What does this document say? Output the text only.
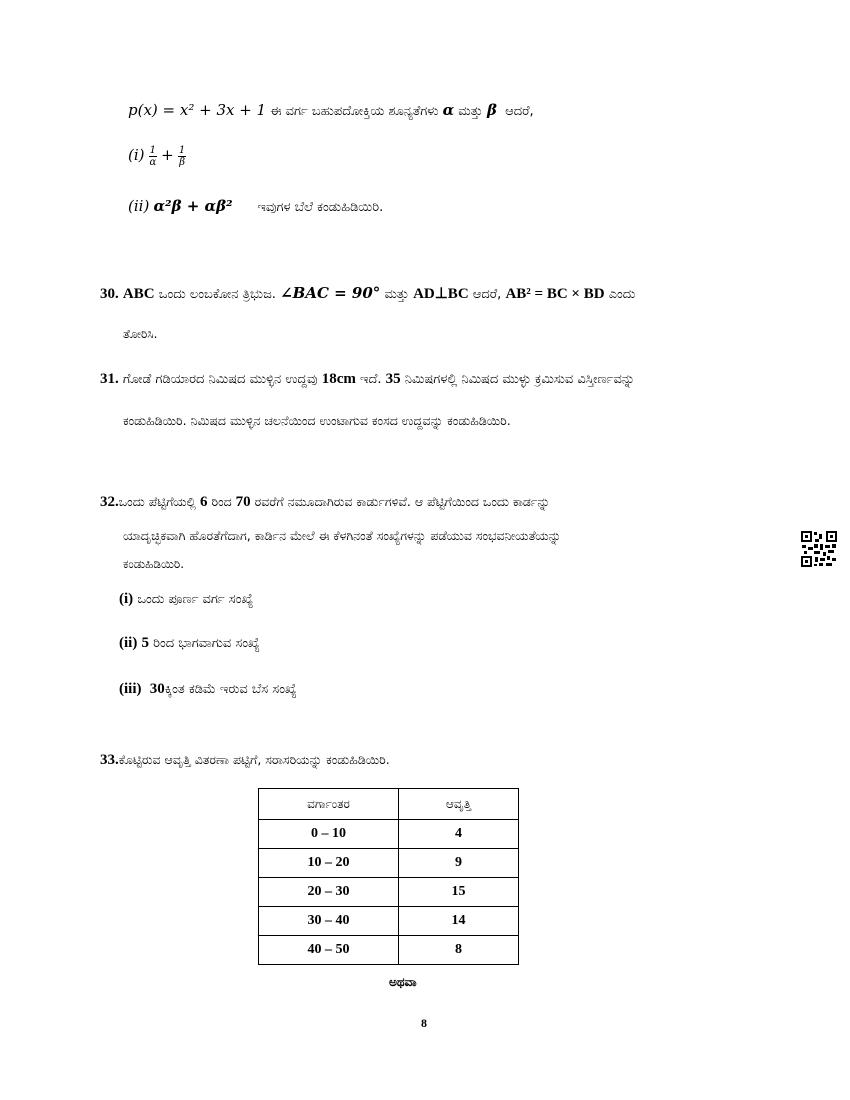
p(x) = x² + 3x + 1 ಈ ವರ್ಗ ಬಹುಪದೋಕ್ತಿಯ ಶೂನ್ಯತೆಗಳು α ಮತ್ತು β ಆದರೆ,
$(i) \frac{1}{\alpha} + \frac{1}{\beta}$
(ii) α²β + αβ² ಇವುಗಳ ಬೆಲೆ ಕಂಡುಹಿಡಿಯಿರಿ.
30. ABC ಒಂದು ಲಂಬಕೋನ ತ್ರಿಭುಜ. ∠BAC = 90° ಮತ್ತು AD⊥BC ಆದರೆ, AB² = BC × BD ಎಂದು
ತೋರಿಸಿ.
31. ಗೋಡೆ ಗಡಿಯಾರದ ನಿಮಿಷದ ಮುಳ್ಳಿನ ಉದ್ದವು 18cm ಇದೆ. 35 ನಿಮಿಷಗಳಲ್ಲಿ ನಿಮಿಷದ ಮುಳ್ಳು ಕ್ರಮಿಸುವ ವಿಸ್ತೀರ್ಣವನ್ನು
ಕಂಡುಹಿಡಿಯಿರಿ. ನಿಮಿಷದ ಮುಳ್ಳಿನ ಚಲನೆಯಿಂದ ಉಂಟಾಗುವ ಕಂಸದ ಉದ್ದವನ್ನು ಕಂಡುಹಿಡಿಯಿರಿ.
32.ಒಂದು ಪೆಟ್ಟಿಗೆಯಲ್ಲಿ 6 ರಿಂದ 70 ರವರೆಗೆ ನಮೂದಾಗಿರುವ ಕಾರ್ಡುಗಳಿವೆ. ಆ ಪೆಟ್ಟಿಗೆಯಿಂದ ಒಂದು ಕಾರ್ಡನ್ನು
ಯಾದೃಚ್ಛಿಕವಾಗಿ ಹೊರತೆಗೆದಾಗ, ಕಾರ್ಡಿನ ಮೇಲೆ ಈ ಕೆಳಗಿನಂತೆ ಸಂಖ್ಯೆಗಳನ್ನು ಪಡೆಯುವ ಸಂಭವನೀಯತೆಯನ್ನು
ಕಂಡುಹಿಡಿಯಿರಿ.
(i) ಒಂದು ಪೂರ್ಣ ವರ್ಗ ಸಂಖ್ಯೆ
(ii) 5 ರಿಂದ ಭಾಗವಾಗುವ ಸಂಖ್ಯೆ
(iii) 30ಕ್ಕಿಂತ ಕಡಿಮೆ ಇರುವ ಬೆಸ ಸಂಖ್ಯೆ
33.ಕೊಟ್ಟಿರುವ ಆವೃತ್ತಿ ವಿತರಣಾ ಪಟ್ಟಿಗೆ, ಸರಾಸರಿಯನ್ನು ಕಂಡುಹಿಡಿಯಿರಿ.
ವರ್ಗಾಂತರ	ಆವೃತ್ತಿ
0 – 10	4
10 – 20	9
20 – 30	15
30 – 40	14
40 – 50	8
ಅಥವಾ
8
